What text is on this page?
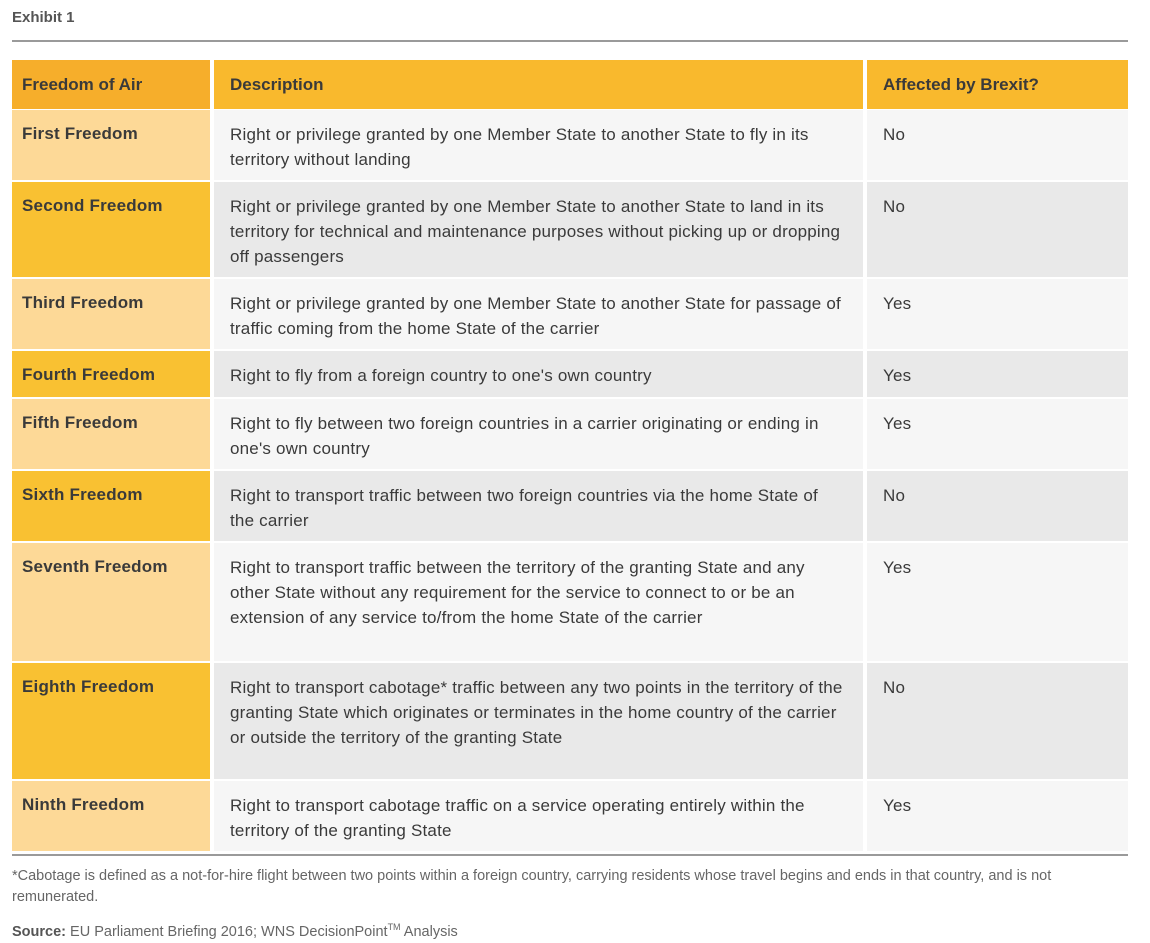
Exhibit 1
Freedom of Air	Description	Affected by Brexit?
First Freedom	Right or privilege granted by one Member State to another State to fly in its territory without landing	No
Second Freedom	Right or privilege granted by one Member State to another State to land in its territory for technical and maintenance purposes without picking up or dropping off passengers	No
Third Freedom	Right or privilege granted by one Member State to another State for passage of traffic coming from the home State of the carrier	Yes
Fourth Freedom	Right to fly from a foreign country to one's own country	Yes
Fifth Freedom	Right to fly between two foreign countries in a carrier originating or ending in one's own country	Yes
Sixth Freedom	Right to transport traffic between two foreign countries via the home State of the carrier	No
Seventh Freedom	Right to transport traffic between the territory of the granting State and any other State without any requirement for the service to connect to or be an extension of any service to/from the home State of the carrier	Yes
Eighth Freedom	Right to transport cabotage* traffic between any two points in the territory of the granting State which originates or terminates in the home country of the carrier or outside the territory of the granting State	No
Ninth Freedom	Right to transport cabotage traffic on a service operating entirely within the territory of the granting State	Yes

*Cabotage is defined as a not-for-hire flight between two points within a foreign country, carrying residents whose travel begins and ends in that country, and is not remunerated.

Source: EU Parliament Briefing 2016; WNS DecisionPoint™ Analysis
